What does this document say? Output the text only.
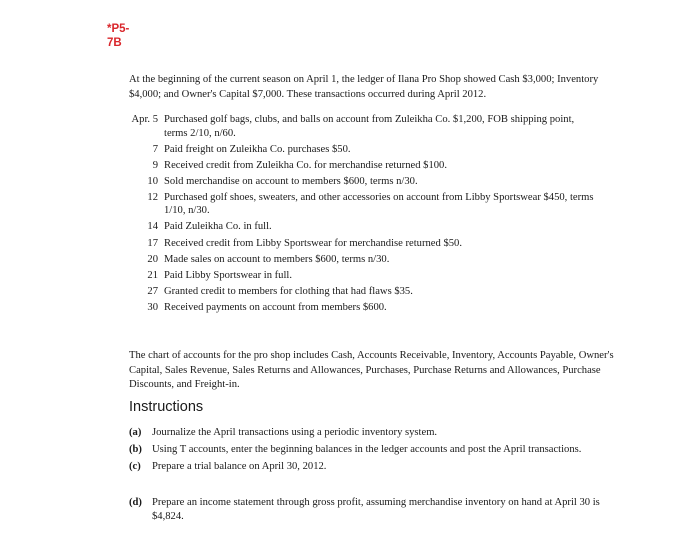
*P5-
7B

At the beginning of the current season on April 1, the ledger of Ilana Pro Shop showed Cash $3,000; Inventory $4,000; and Owner's Capital $7,000. These transactions occurred during April 2012.

Apr. 5 Purchased golf bags, clubs, and balls on account from Zuleikha Co. $1,200, FOB shipping point, terms 2/10, n/60.
7 Paid freight on Zuleikha Co. purchases $50.
9 Received credit from Zuleikha Co. for merchandise returned $100.
10 Sold merchandise on account to members $600, terms n/30.
12 Purchased golf shoes, sweaters, and other accessories on account from Libby Sportswear $450, terms 1/10, n/30.
14 Paid Zuleikha Co. in full.
17 Received credit from Libby Sportswear for merchandise returned $50.
20 Made sales on account to members $600, terms n/30.
21 Paid Libby Sportswear in full.
27 Granted credit to members for clothing that had flaws $35.
30 Received payments on account from members $600.

The chart of accounts for the pro shop includes Cash, Accounts Receivable, Inventory, Accounts Payable, Owner's Capital, Sales Revenue, Sales Returns and Allowances, Purchases, Purchase Returns and Allowances, Purchase Discounts, and Freight-in.

Instructions
(a)	Journalize the April transactions using a periodic inventory system.
(b) Using T accounts, enter the beginning balances in the ledger accounts and post the April transactions.
(c)	Prepare a trial balance on April 30, 2012.
(d) Prepare an income statement through gross profit, assuming merchandise inventory on hand at April 30 is $4,824.
